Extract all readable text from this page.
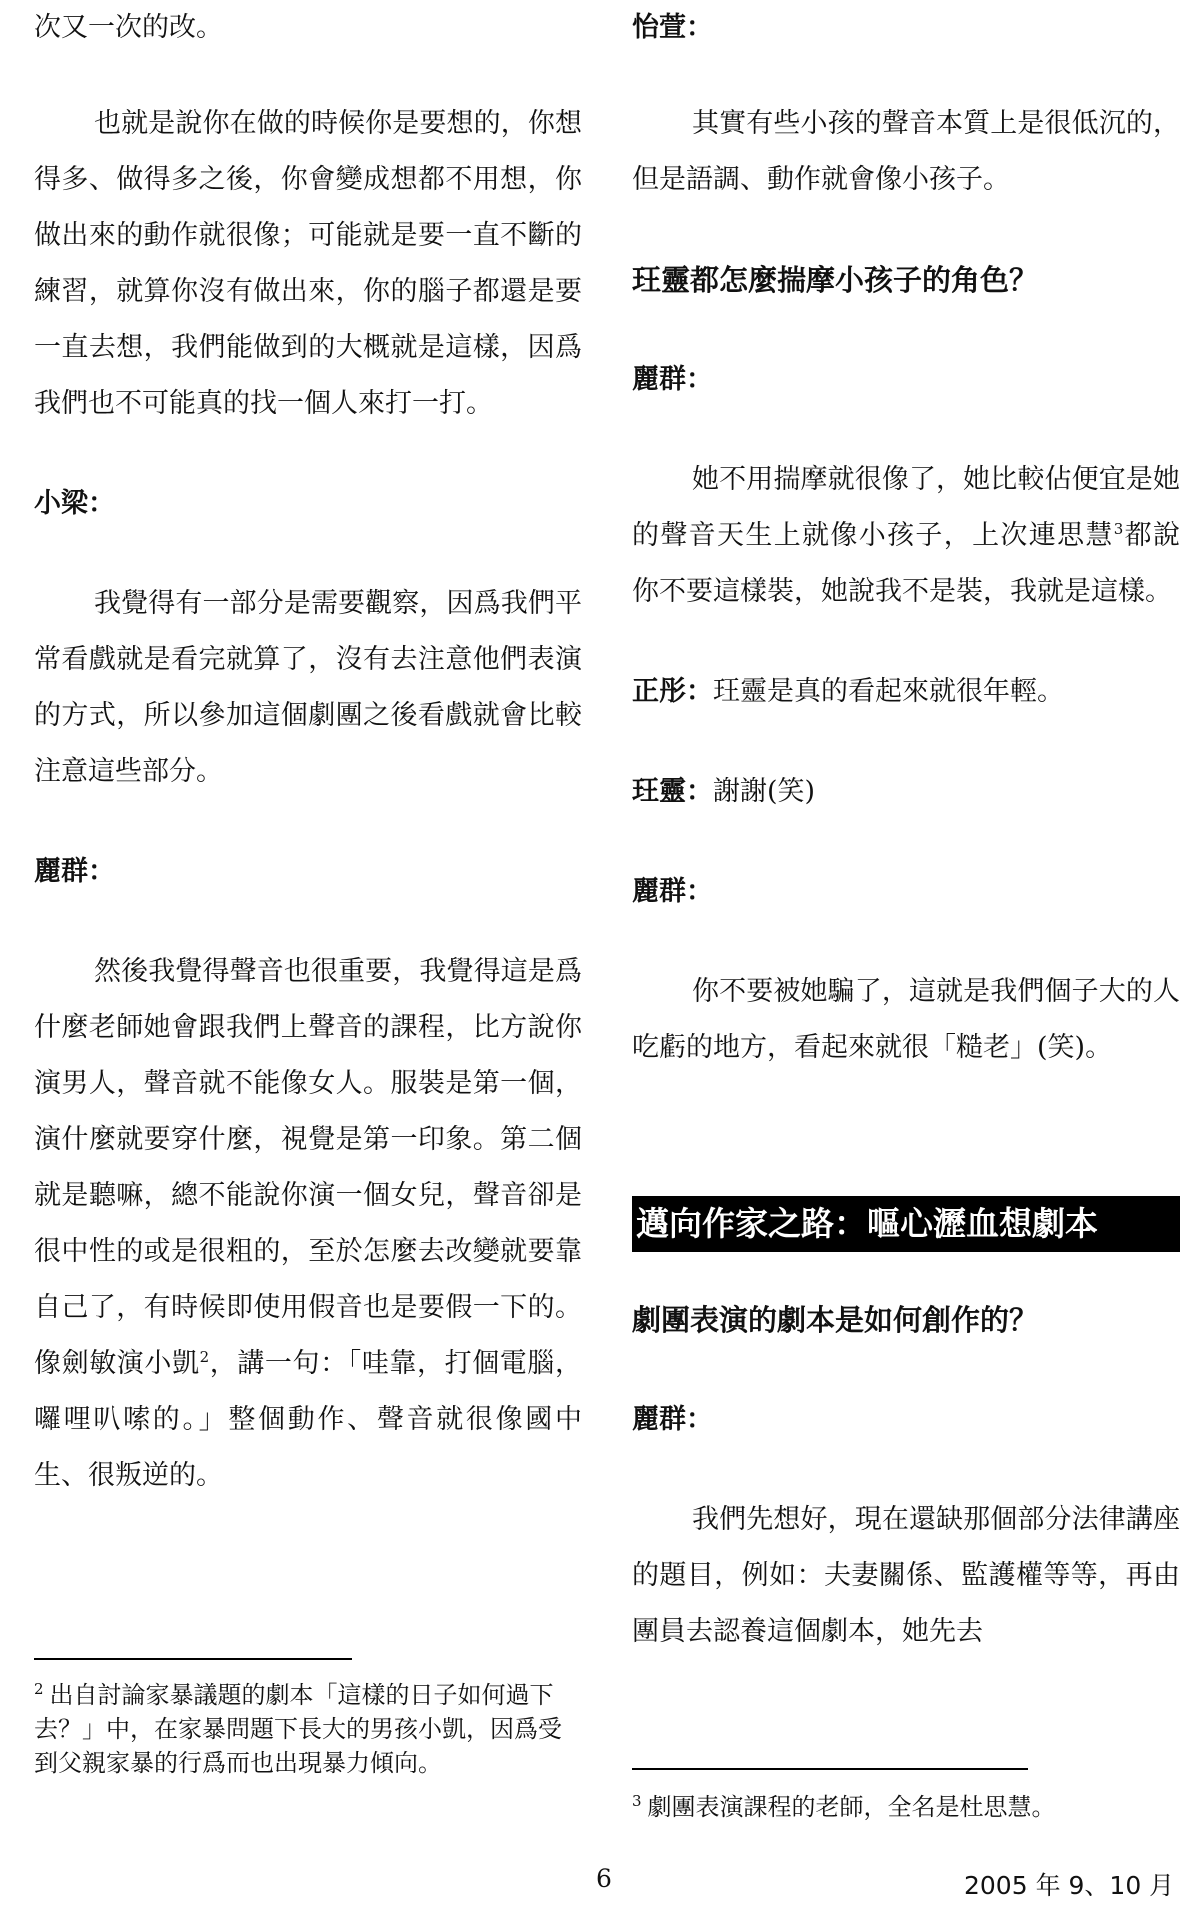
次又一次的改。

也就是說你在做的時候你是要想的，你想得多、做得多之後，你會變成想都不用想，你做出來的動作就很像；可能就是要一直不斷的練習，就算你沒有做出來，你的腦子都還是要一直去想，我們能做到的大概就是這樣，因爲我們也不可能真的找一個人來打一打。

小梁：

我覺得有一部分是需要觀察，因爲我們平常看戲就是看完就算了，沒有去注意他們表演的方式，所以參加這個劇團之後看戲就會比較注意這些部分。

麗群：

然後我覺得聲音也很重要，我覺得這是爲什麼老師她會跟我們上聲音的課程，比方說你演男人，聲音就不能像女人。服裝是第一個，演什麼就要穿什麼，視覺是第一印象。第二個就是聽嘛，總不能說你演一個女兒，聲音卻是很中性的或是很粗的，至於怎麼去改變就要靠自己了，有時候即使用假音也是要假一下的。像劍敏演小凱$^2$，講一句：「哇靠，打個電腦，囉哩叭嗦的。」整個動作、聲音就很像國中生、很叛逆的。

$^2$ 出自討論家暴議題的劇本「這樣的日子如何過下去？」中，在家暴問題下長大的男孩小凱，因爲受到父親家暴的行爲而也出現暴力傾向。

怡萱：

其實有些小孩的聲音本質上是很低沉的，但是語調、動作就會像小孩子。

玨靈都怎麼揣摩小孩子的角色？

麗群：

她不用揣摩就很像了，她比較佔便宜是她的聲音天生上就像小孩子，上次連思慧$^3$都說你不要這樣裝，她說我不是裝，我就是這樣。

正彤：玨靈是真的看起來就很年輕。

玨靈：謝謝(笑)

麗群：

你不要被她騙了，這就是我們個子大的人吃虧的地方，看起來就很「糙老」(笑)。

邁向作家之路：嘔心瀝血想劇本

劇團表演的劇本是如何創作的？

麗群：

我們先想好，現在還缺那個部分法律講座的題目，例如：夫妻關係、監護權等等，再由團員去認養這個劇本，她先去

$^3$ 劇團表演課程的老師，全名是杜思慧。

6	2005 年 9、10 月
